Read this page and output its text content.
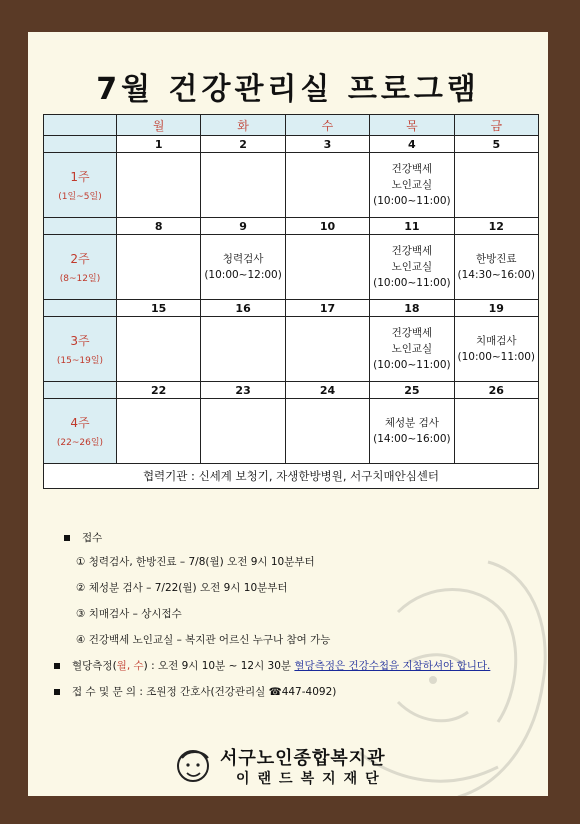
7월 건강관리실 프로그램
	월	화	수	목	금
	1	2	3	4	5

1주
(1일~5일)				건강백세
노인교실
(10:00~11:00)	

	8	9	10	11	12

2주
(8~12일)		청력검사
(10:00~12:00)		건강백세
노인교실
(10:00~11:00)	한방진료
(14:30~16:00)

	15	16	17	18	19

3주
(15~19일)				건강백세
노인교실
(10:00~11:00)	치매검사
(10:00~11:00)

	22	23	24	25	26

4주
(22~26일)				체성분 검사
(14:00~16:00)	

협력기관 : 신세계 보청기, 자생한방병원, 서구치매안심센터					
접수
① 청력검사, 한방진료 – 7/8(월) 오전 9시 10분부터
② 체성분 검사 – 7/22(월) 오전 9시 10분부터
③ 치매검사 – 상시접수
④ 건강백세 노인교실 – 복지관 어르신 누구나 참여 가능
혈당측정(월, 수) : 오전 9시 10분 ~ 12시 30분 혈당측정은 건강수첩을 지참하셔야 합니다.
접 수 및 문 의 : 조원정 간호사(건강관리실 ☎447-4092)
서구노인종합복지관
이랜드복지재단
